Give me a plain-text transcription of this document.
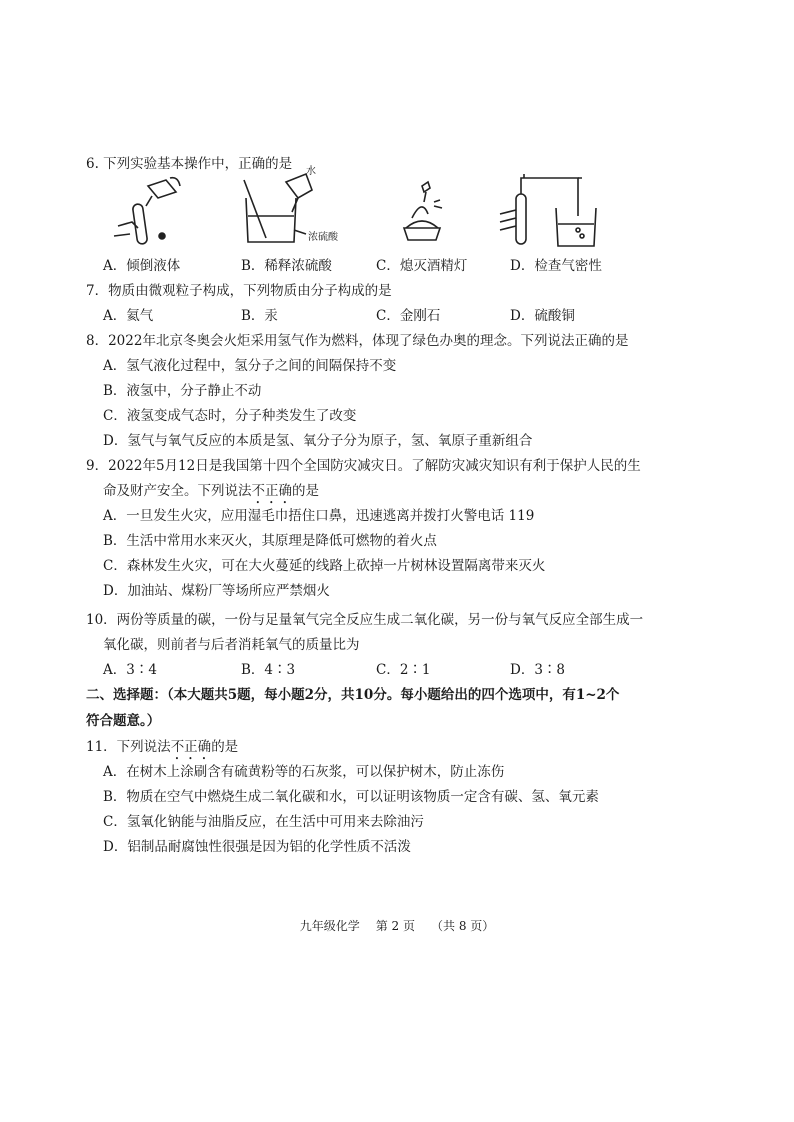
6. 下列实验基本操作中，正确的是 水
浓硫酸
A．倾倒液体	B．稀释浓硫酸	C．熄灭酒精灯	D．检查气密性
7．物质由微观粒子构成，下列物质由分子构成的是
A．氦气	B．汞	C．金刚石	D．硫酸铜
8．2022年北京冬奥会火炬采用氢气作为燃料，体现了绿色办奥的理念。下列说法正确的是
A．氢气液化过程中，氢分子之间的间隔保持不变
B．液氢中，分子静止不动
C．液氢变成气态时，分子种类发生了改变
D．氢气与氧气反应的本质是氢、氧分子分为原子，氢、氧原子重新组合
9．2022年5月12日是我国第十四个全国防灾减灾日。了解防灾减灾知识有利于保护人民的生
命及财产安全。下列说法不正确的是
A．一旦发生火灾，应用湿毛巾捂住口鼻，迅速逃离并拨打火警电话 119
B．生活中常用水来灭火，其原理是降低可燃物的着火点
C．森林发生火灾，可在大火蔓延的线路上砍掉一片树林设置隔离带来灭火
D．加油站、煤粉厂等场所应严禁烟火
10．两份等质量的碳，一份与足量氧气完全反应生成二氧化碳，另一份与氧气反应全部生成一
氧化碳，则前者与后者消耗氧气的质量比为
A．3∶4	B．4∶3	C．2∶1	D．3∶8
二、选择题：（本大题共5题，每小题2分，共10分。每小题给出的四个选项中，有1~2个
符合题意。）
11．下列说法不正确的是
A．在树木上涂刷含有硫黄粉等的石灰浆，可以保护树木，防止冻伤
B．物质在空气中燃烧生成二氧化碳和水，可以证明该物质一定含有碳、氢、氧元素
C．氢氧化钠能与油脂反应，在生活中可用来去除油污
D．铝制品耐腐蚀性很强是因为铝的化学性质不活泼
九年级化学 第 2 页 （共 8 页）
